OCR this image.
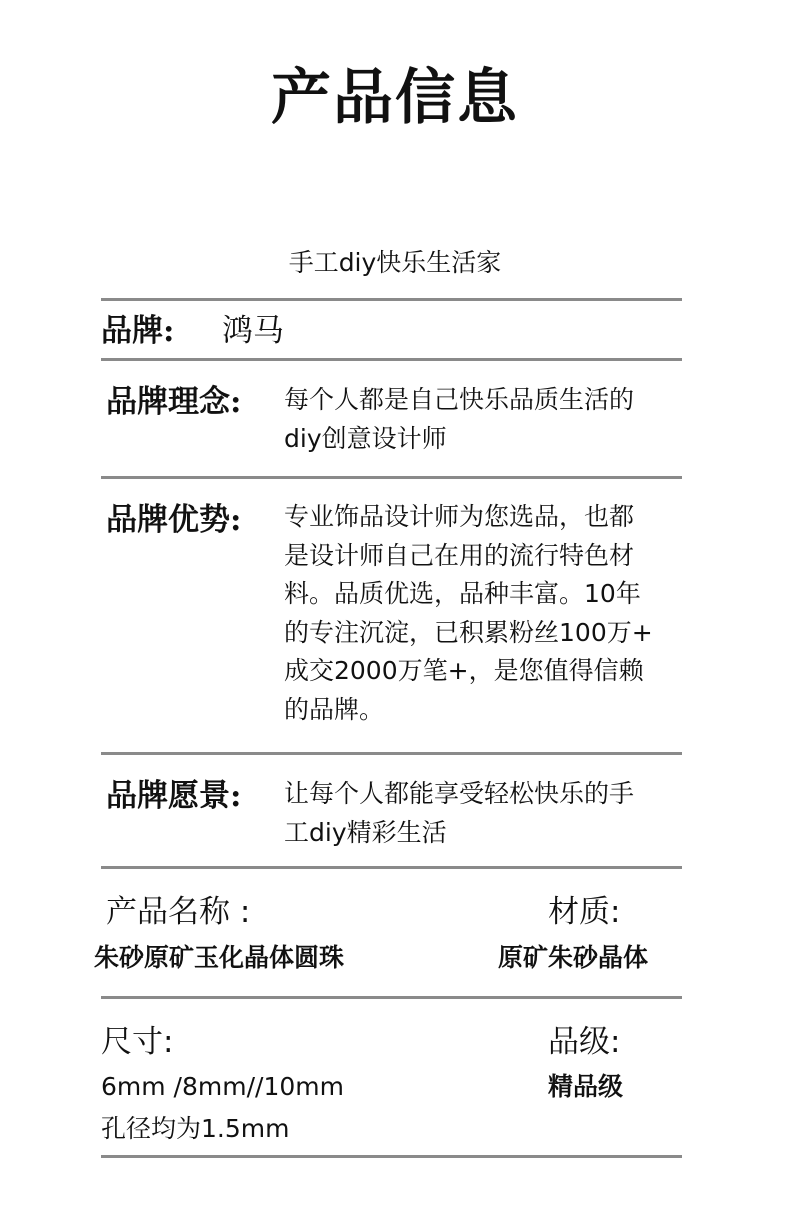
产品信息
手工diy快乐生活家
品牌: 鸿马
品牌理念: 每个人都是自己快乐品质生活的
diy创意设计师
品牌优势: 专业饰品设计师为您选品，也都
是设计师自己在用的流行特色材
料。品质优选，品种丰富。10年
的专注沉淀，已积累粉丝100万+
成交2000万笔+，是您值得信赖
的品牌。
品牌愿景: 让每个人都能享受轻松快乐的手
工diy精彩生活
产品名称 :
朱砂原矿玉化晶体圆珠
材质:
原矿朱砂晶体
尺寸:
6mm /8mm//10mm
孔径均为1.5mm
品级:
精品级
